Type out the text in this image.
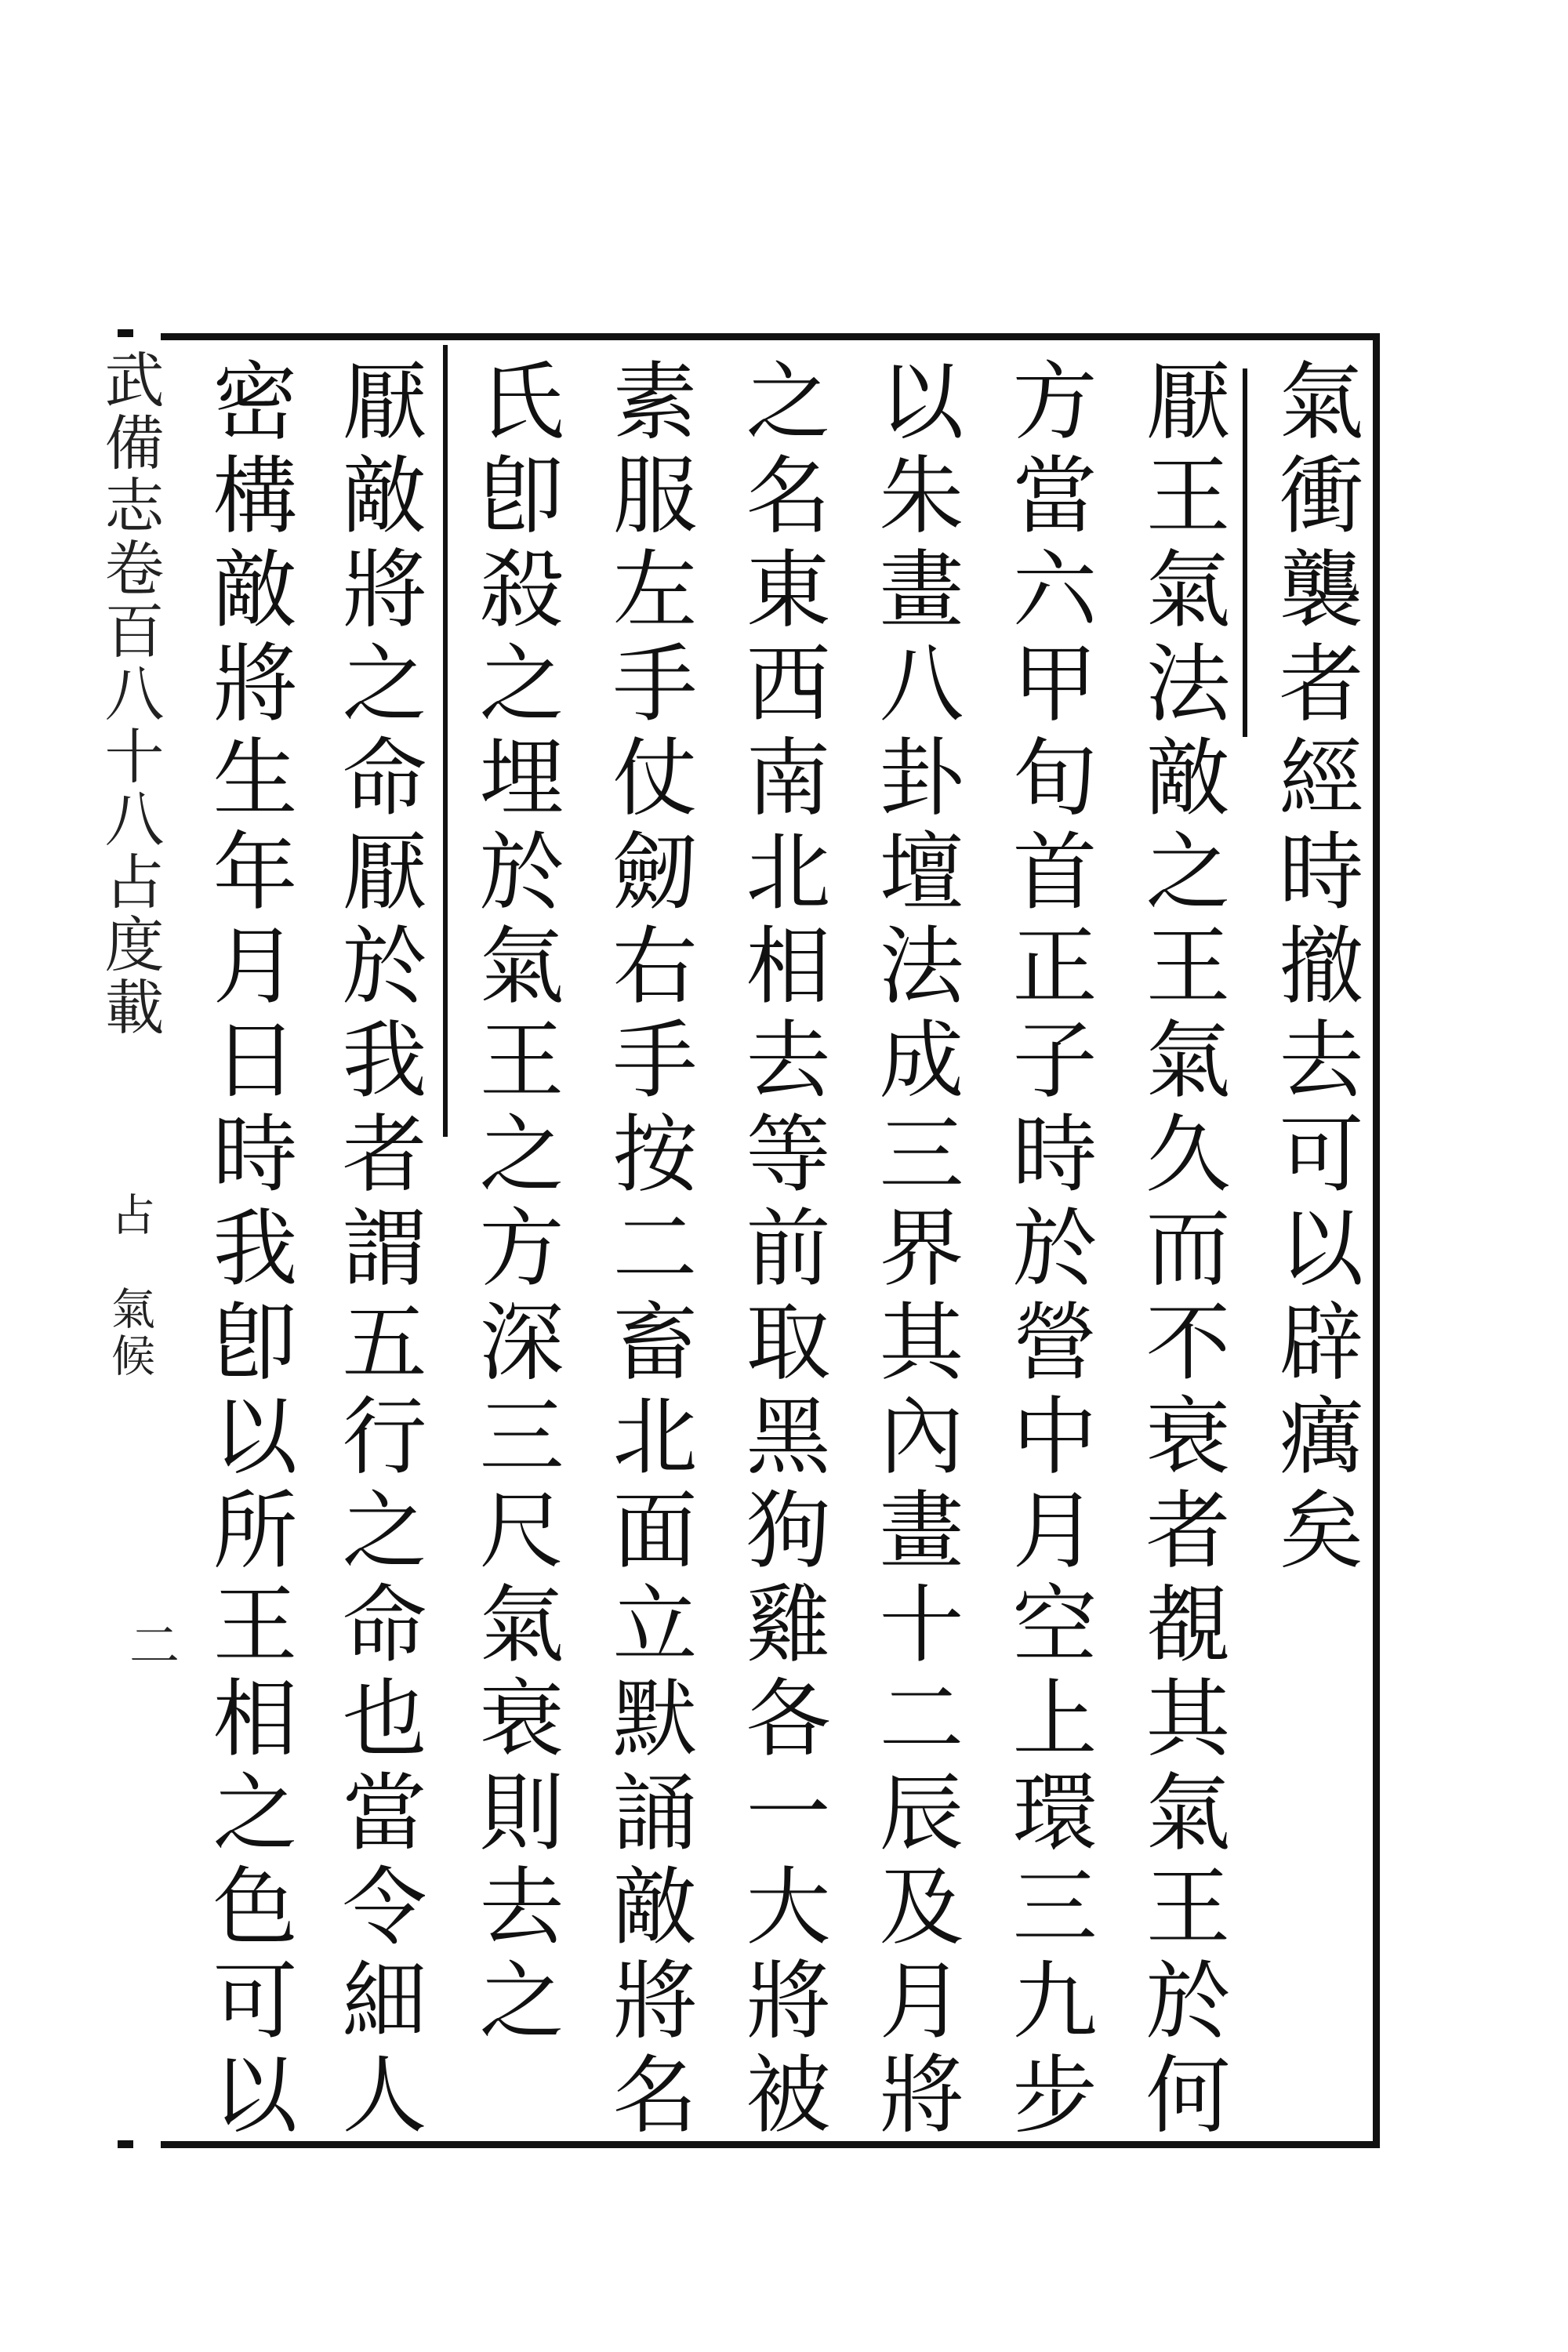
氣衝襲者經時撤去可以辟癘矣
厭王氣法敵之王氣久而不衰者覩其氣王於何
方當六甲旬首正子時於營中月空上環三九步
以朱畫八卦壇法成三界其內畫十二辰及月將
之名東西南北相去等前取黑狗雞各一大將被
素服左手仗劒右手按二畜北面立默誦敵將名
氏卽殺之埋於氣王之方深三尺氣衰則去之
厭敵將之命厭於我者謂五行之命也當令細人
密構敵將生年月日時我卽以所王相之色可以
武備志卷百八十八占度載
占
氣候
二
